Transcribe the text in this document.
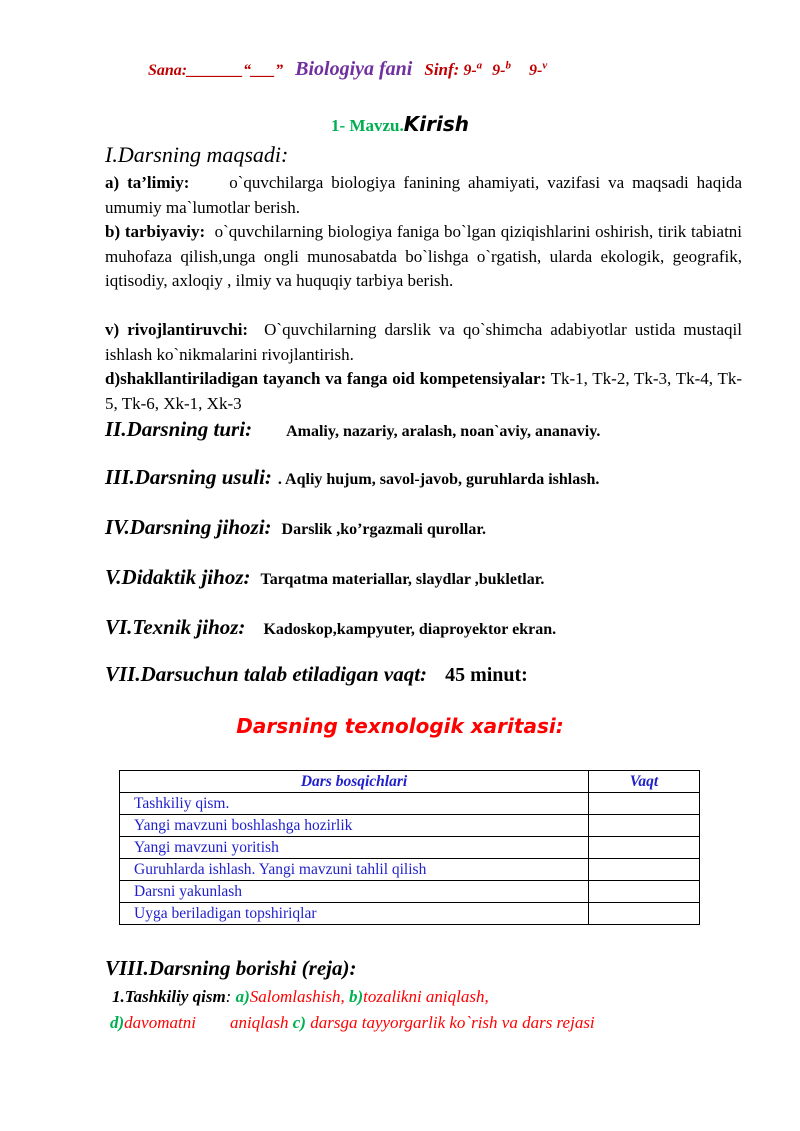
Sana:_______“___” Biologiya fani Sinf: 9-$^a$ 9-$^b$ 9-$^v$
1- Mavzu.Kirish
I.Darsning maqsadi:
a) ta’limiy: o`quvchilarga biologiya fanining ahamiyati, vazifasi va maqsadi haqida umumiy ma`lumotlar berish.
b) tarbiyaviy: o`quvchilarning biologiya faniga bo`lgan qiziqishlarini oshirish, tirik tabiatni muhofaza qilish,unga ongli munosabatda bo`lishga o`rgatish, ularda ekologik, geografik, iqtisodiy, axloqiy , ilmiy va huquqiy tarbiya berish.
v) rivojlantiruvchi: O`quvchilarning darslik va qo`shimcha adabiyotlar ustida mustaqil ishlash ko`nikmalarini rivojlantirish.
d)shakllantiriladigan tayanch va fanga oid kompetensiyalar: Tk-1, Tk-2, Tk-3, Tk-4, Tk-5, Tk-6, Xk-1, Xk-3
II.Darsning turi: Amaliy, nazariy, aralash, noan`aviy, ananaviy.
III.Darsning usuli: . Aqliy hujum, savol-javob, guruhlarda ishlash.
IV.Darsning jihozi: Darslik ,ko’rgazmali qurollar.
V.Didaktik jihoz: Tarqatma materiallar, slaydlar ,bukletlar.
VI.Texnik jihoz: Kadoskop,kampyuter, diaproyektor ekran.
VII.Darsuchun talab etiladigan vaqt: 45 minut:
Darsning texnologik xaritasi:
Dars bosqichlari	Vaqt
Tashkiliy qism.	
Yangi mavzuni boshlashga hozirlik	
Yangi mavzuni yoritish	
Guruhlarda ishlash. Yangi mavzuni tahlil qilish	
Darsni yakunlash	
Uyga beriladigan topshiriqlar	
VIII.Darsning borishi (reja):
1.Tashkiliy qism: a)Salomlashish, b)tozalikni aniqlash,
d)davomatni aniqlash c) darsga tayyorgarlik ko`rish va dars rejasi
